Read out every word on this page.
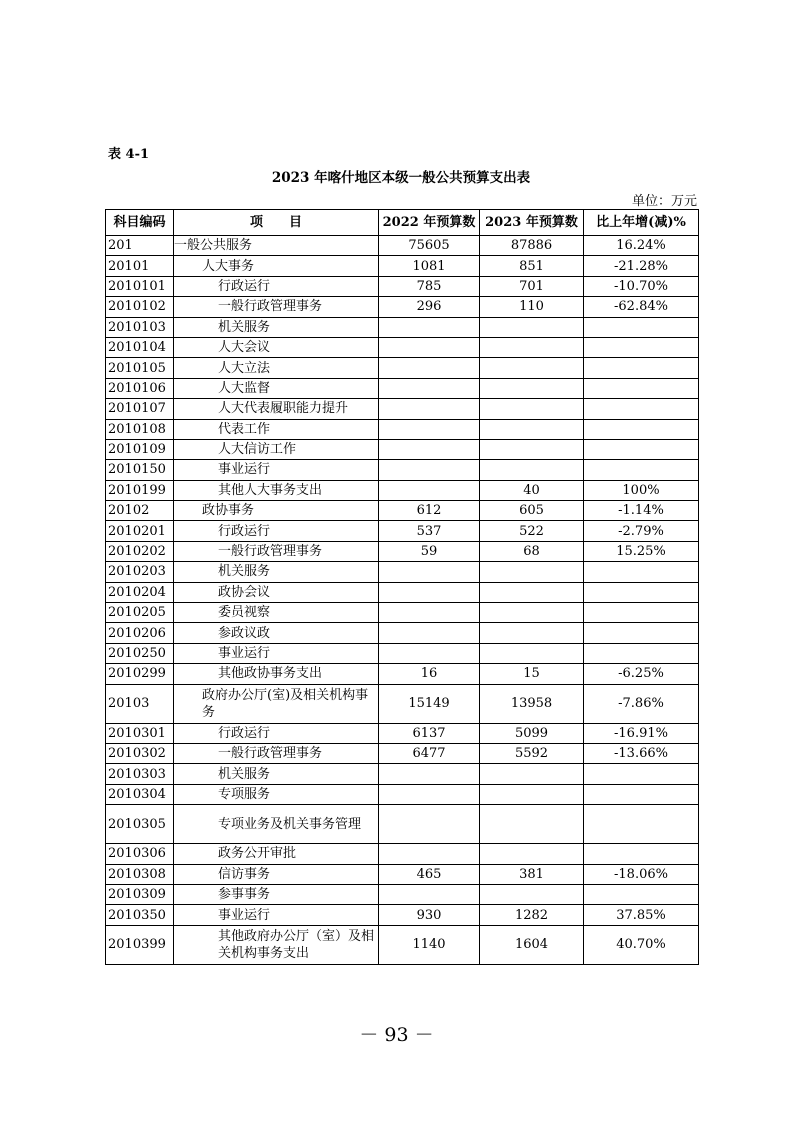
表 4-1
2023 年喀什地区本级一般公共预算支出表
单位：万元
科目编码	项　　目	2022 年预算数	2023 年预算数	比上年增(减)%
201	一般公共服务	75605	87886	16.24%
20101	人大事务	1081	851	-21.28%
2010101	行政运行	785	701	-10.70%
2010102	一般行政管理事务	296	110	-62.84%
2010103	机关服务			
2010104	人大会议			
2010105	人大立法			
2010106	人大监督			
2010107	人大代表履职能力提升			
2010108	代表工作			
2010109	人大信访工作			
2010150	事业运行			
2010199	其他人大事务支出		40	100%
20102	政协事务	612	605	-1.14%
2010201	行政运行	537	522	-2.79%
2010202	一般行政管理事务	59	68	15.25%
2010203	机关服务			
2010204	政协会议			
2010205	委员视察			
2010206	参政议政			
2010250	事业运行			
2010299	其他政协事务支出	16	15	-6.25%
20103	政府办公厅(室)及相关机构事务	15149	13958	-7.86%
2010301	行政运行	6137	5099	-16.91%
2010302	一般行政管理事务	6477	5592	-13.66%
2010303	机关服务			
2010304	专项服务			
2010305	专项业务及机关事务管理			
2010306	政务公开审批			
2010308	信访事务	465	381	-18.06%
2010309	参事事务			
2010350	事业运行	930	1282	37.85%
2010399	其他政府办公厅（室）及相关机构事务支出	1140	1604	40.70%
－ 93 －
